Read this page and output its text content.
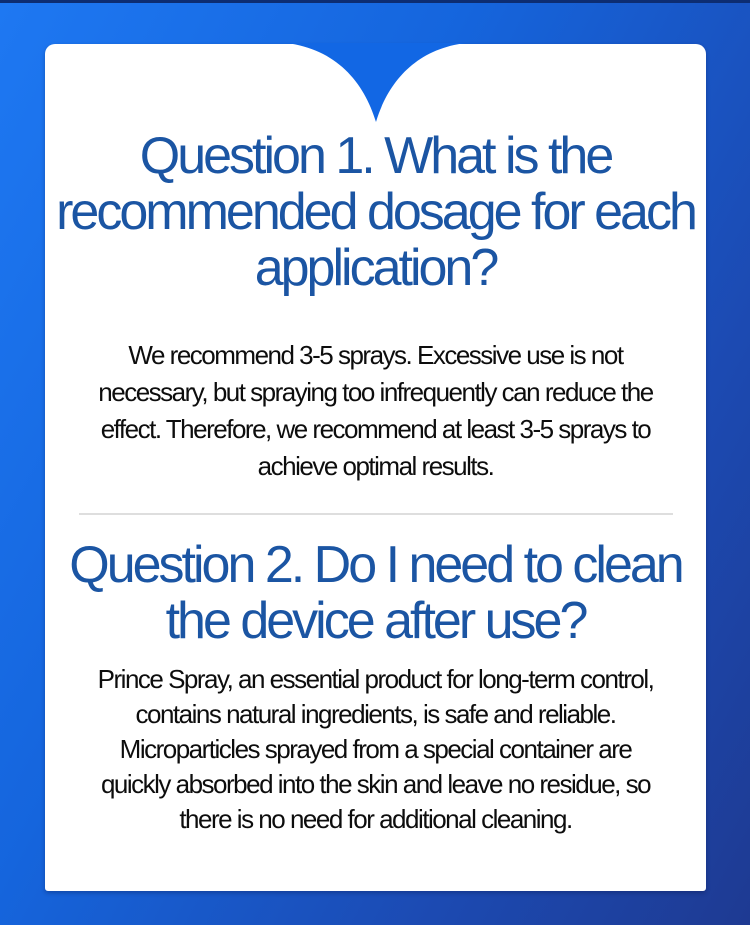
Question 1. What is the
recommended dosage for each
application?

We recommend 3-5 sprays. Excessive use is not
necessary, but spraying too infrequently can reduce the
effect. Therefore, we recommend at least 3-5 sprays to
achieve optimal results.

Question 2. Do I need to clean
the device after use?

Prince Spray, an essential product for long-term control,
contains natural ingredients, is safe and reliable.
Microparticles sprayed from a special container are
quickly absorbed into the skin and leave no residue, so
there is no need for additional cleaning.
